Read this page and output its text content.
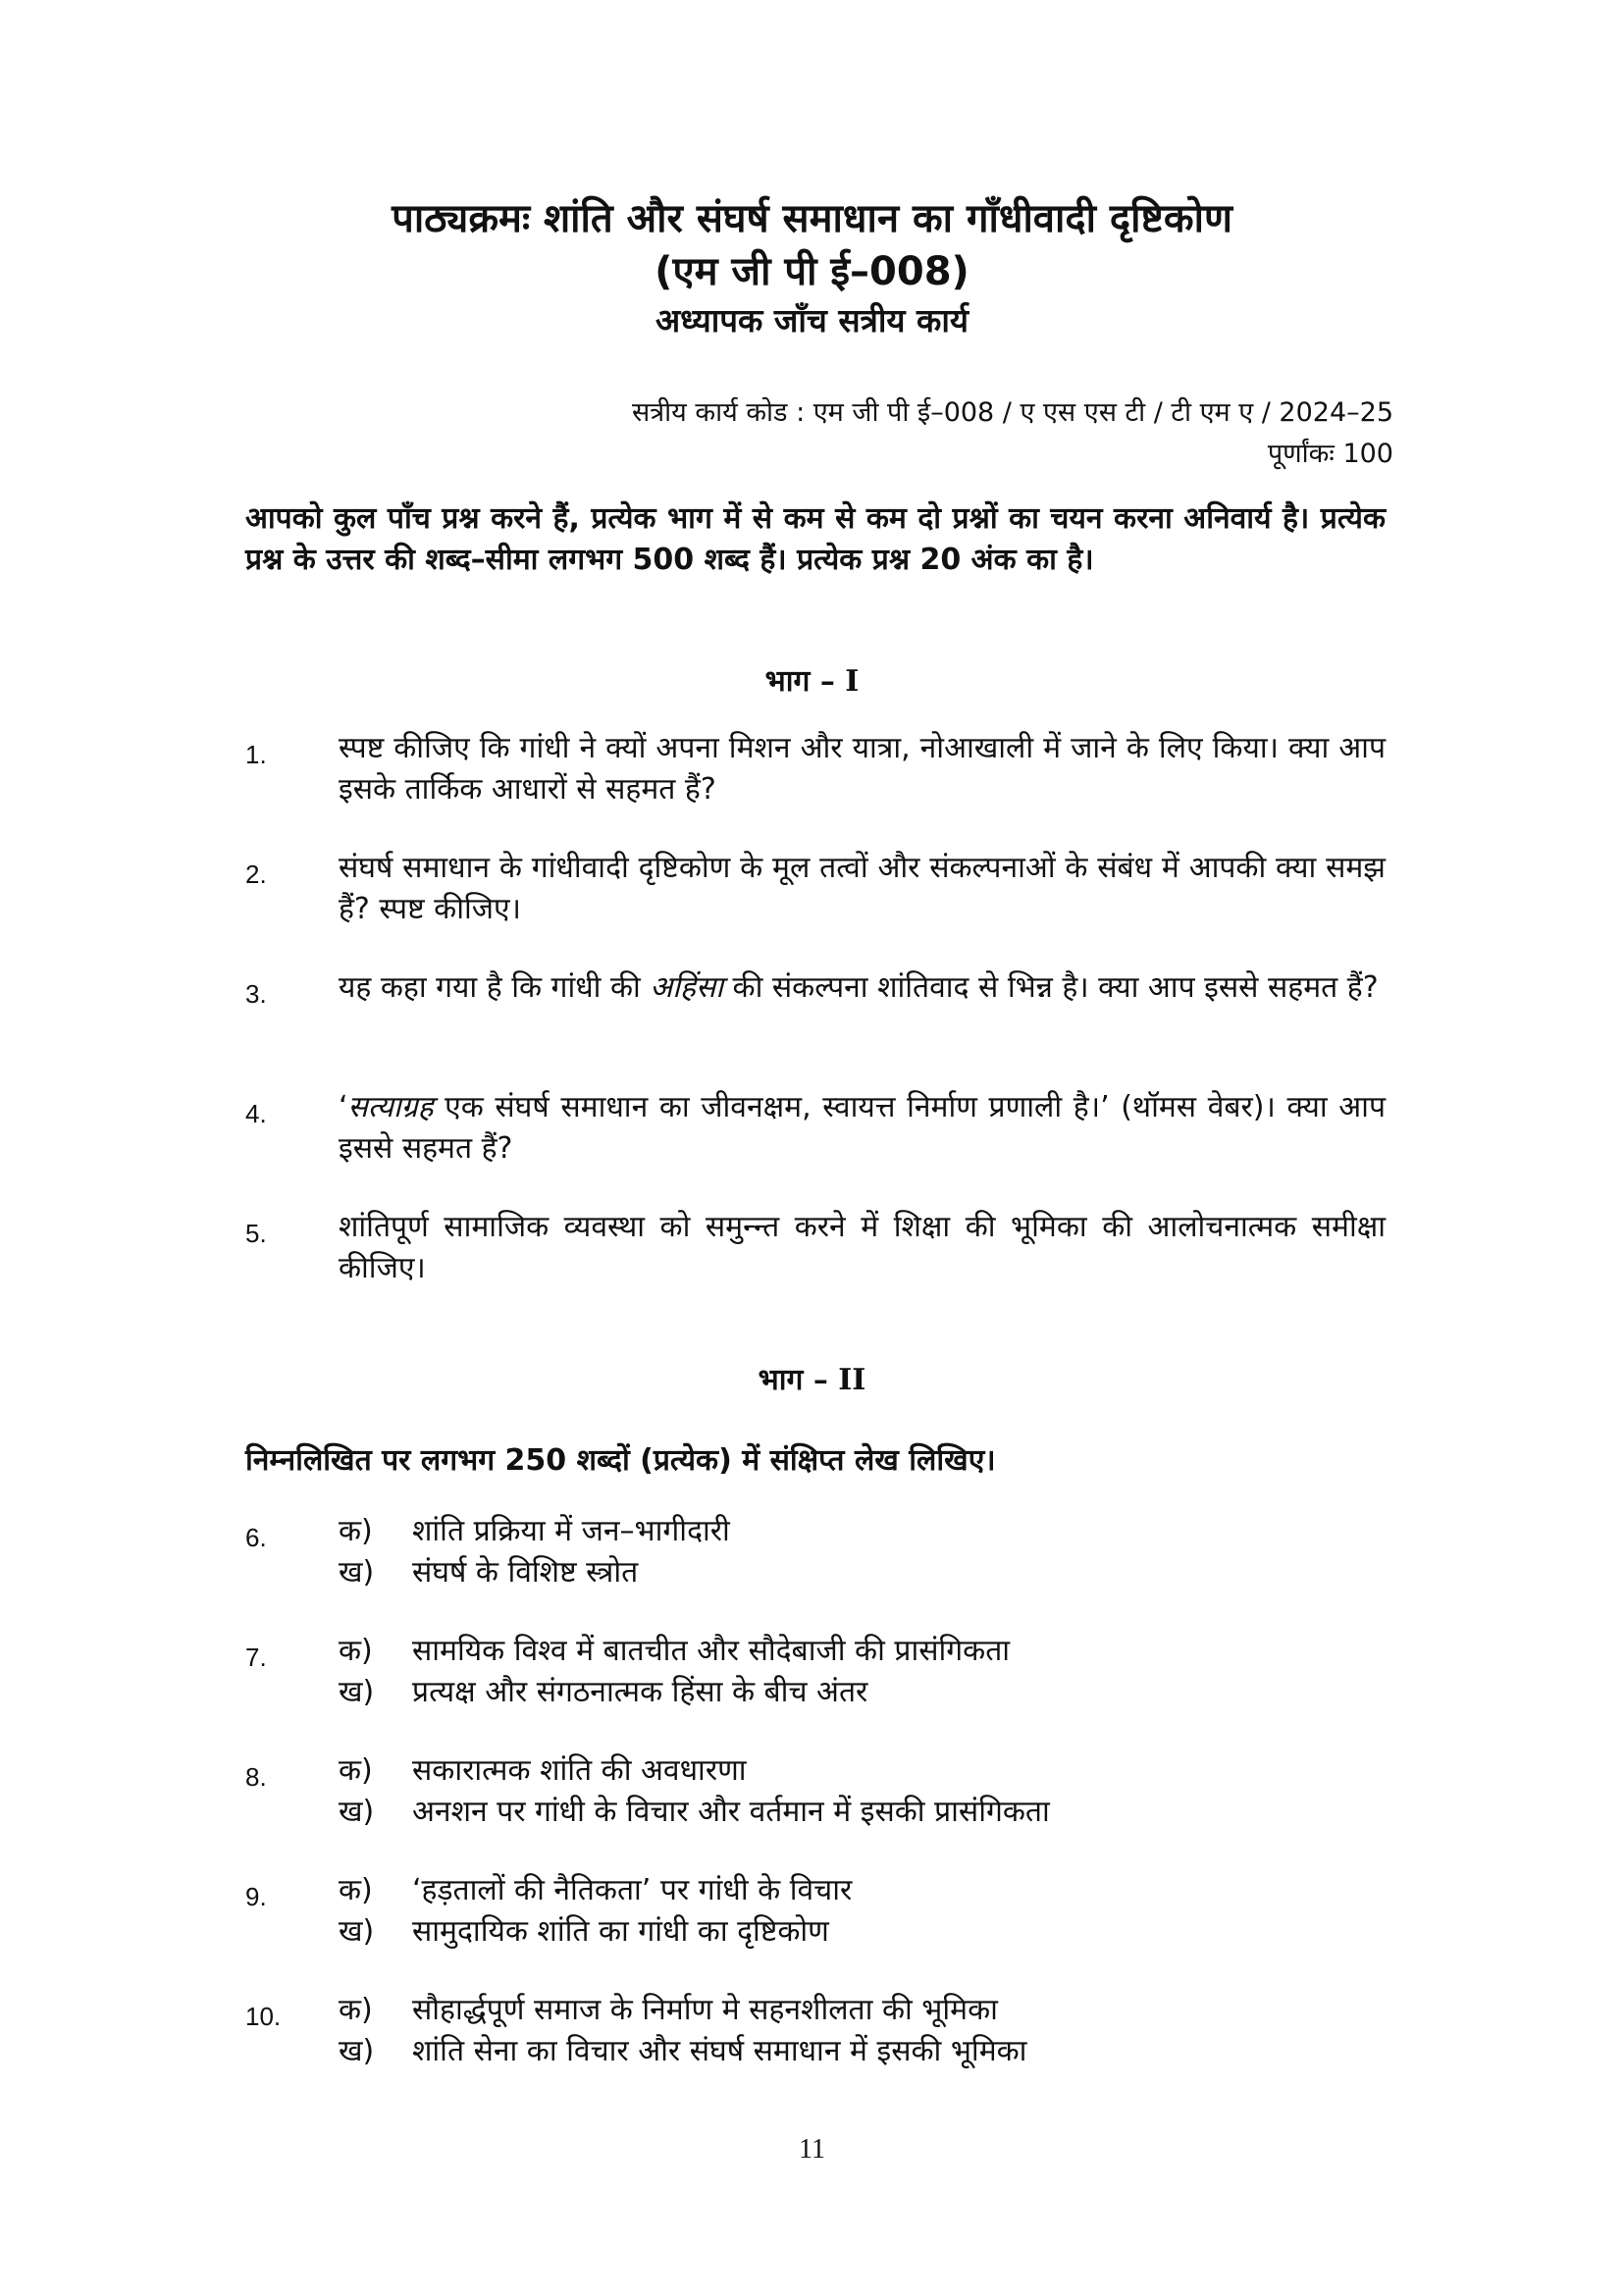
पाठ्यक्रमः शांति और संघर्ष समाधान का गाँधीवादी दृष्टिकोण
(एम जी पी ई–008)
अध्यापक जाँच सत्रीय कार्य
सत्रीय कार्य कोड : एम जी पी ई–008 / ए एस एस टी / टी एम ए / 2024–25
पूर्णांकः 100
आपको कुल पाँच प्रश्न करने हैं, प्रत्येक भाग में से कम से कम दो प्रश्नों का चयन करना अनिवार्य है। प्रत्येक प्रश्न के उत्तर की शब्द–सीमा लगभग 500 शब्द हैं। प्रत्येक प्रश्न 20 अंक का है।
भाग – I
1. स्पष्ट कीजिए कि गांधी ने क्यों अपना मिशन और यात्रा, नोआखाली में जाने के लिए किया। क्या आप इसके तार्किक आधारों से सहमत हैं?
2. संघर्ष समाधान के गांधीवादी दृष्टिकोण के मूल तत्वों और संकल्पनाओं के संबंध में आपकी क्या समझ हैं? स्पष्ट कीजिए।
3. यह कहा गया है कि गांधी की अहिंसा की संकल्पना शांतिवाद से भिन्न है। क्या आप इससे सहमत हैं?
4. ‘सत्याग्रह एक संघर्ष समाधान का जीवनक्षम, स्वायत्त निर्माण प्रणाली है।’ (थॉमस वेबर)। क्या आप इससे सहमत हैं?
5. शांतिपूर्ण सामाजिक व्यवस्था को समुन्न्त करने में शिक्षा की भूमिका की आलोचनात्मक समीक्षा कीजिए।
भाग – II
निम्नलिखित पर लगभग 250 शब्दों (प्रत्येक) में संक्षिप्त लेख लिखिए।
6. क) शांति प्रक्रिया में जन–भागीदारी
ख) संघर्ष के विशिष्ट स्त्रोत
7. क) सामयिक विश्व में बातचीत और सौदेबाजी की प्रासंगिकता
ख) प्रत्यक्ष और संगठनात्मक हिंसा के बीच अंतर
8. क) सकारात्मक शांति की अवधारणा
ख) अनशन पर गांधी के विचार और वर्तमान में इसकी प्रासंगिकता
9. क) ‘हड़तालों की नैतिकता’ पर गांधी के विचार
ख) सामुदायिक शांति का गांधी का दृष्टिकोण
10. क) सौहार्द्धपूर्ण समाज के निर्माण मे सहनशीलता की भूमिका
ख) शांति सेना का विचार और संघर्ष समाधान में इसकी भूमिका
11
